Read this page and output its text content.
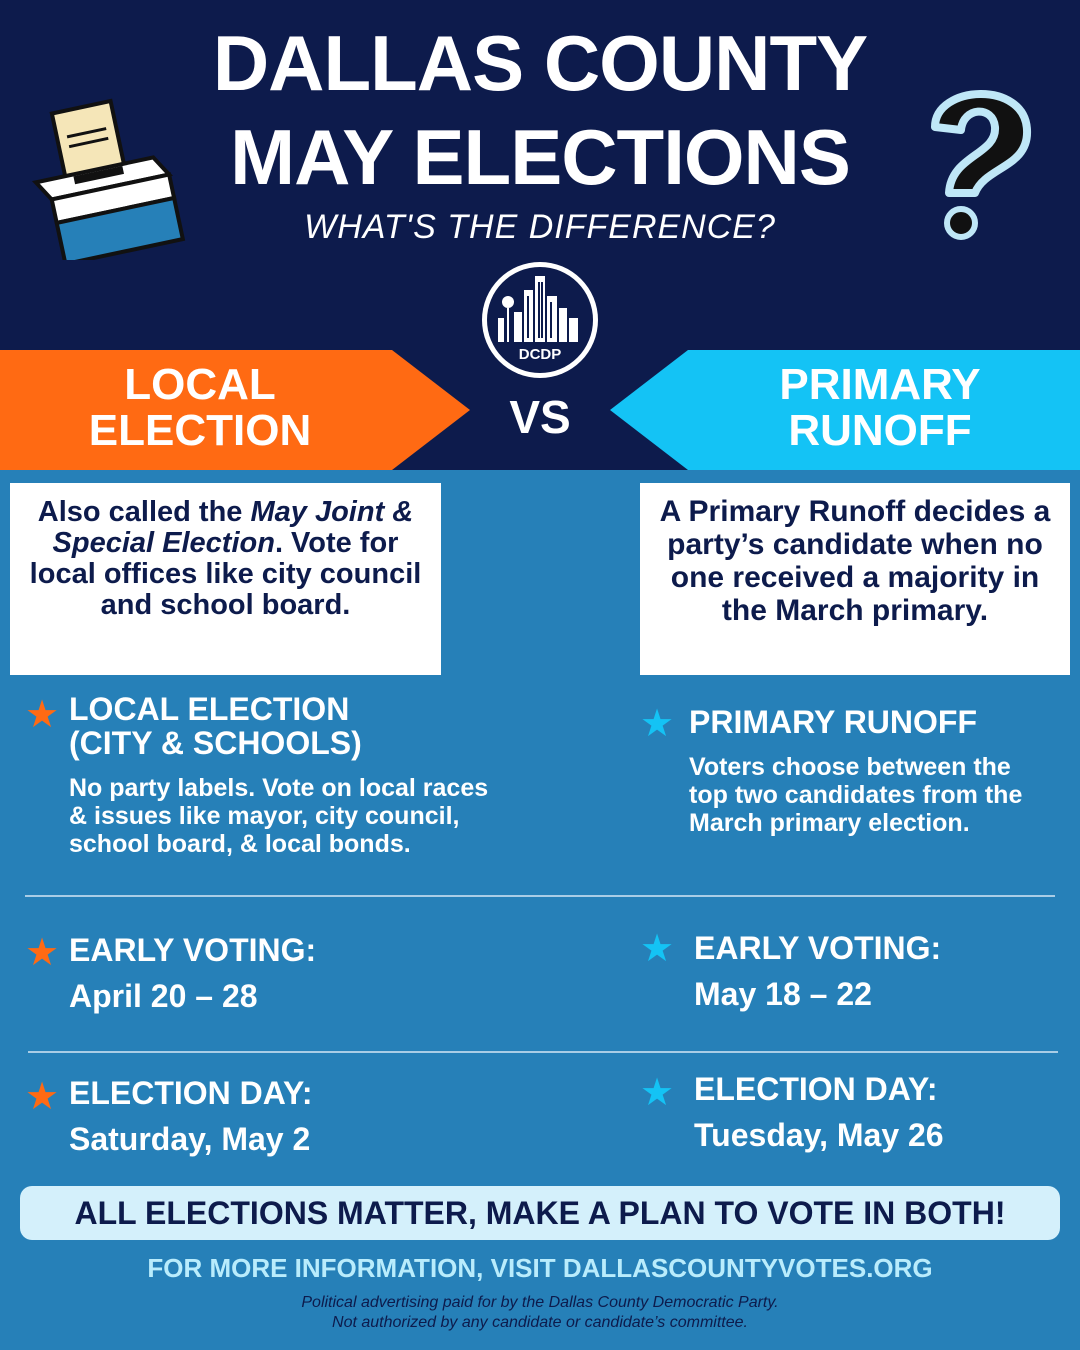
DALLAS COUNTY
MAY ELECTIONS
WHAT'S THE DIFFERENCE?
DCDP
LOCAL
ELECTION	VS
PRIMARY
RUNOFF
Also called the May Joint & Special Election. Vote for local offices like city council and school board.
A Primary Runoff decides a party’s candidate when no one received a majority in the March primary.
★ LOCAL ELECTION
(CITY & SCHOOLS)
No party labels. Vote on local races & issues like mayor, city council, school board, & local bonds.
★ PRIMARY RUNOFF
Voters choose between the top two candidates from the March primary election.
★ EARLY VOTING:
April 20 – 28
★ EARLY VOTING:
May 18 – 22
★ ELECTION DAY:
Saturday, May 2
★ ELECTION DAY:
Tuesday, May 26
ALL ELECTIONS MATTER, MAKE A PLAN TO VOTE IN BOTH!
FOR MORE INFORMATION, VISIT DALLASCOUNTYVOTES.ORG
Political advertising paid for by the Dallas County Democratic Party.
Not authorized by any candidate or candidate’s committee.
